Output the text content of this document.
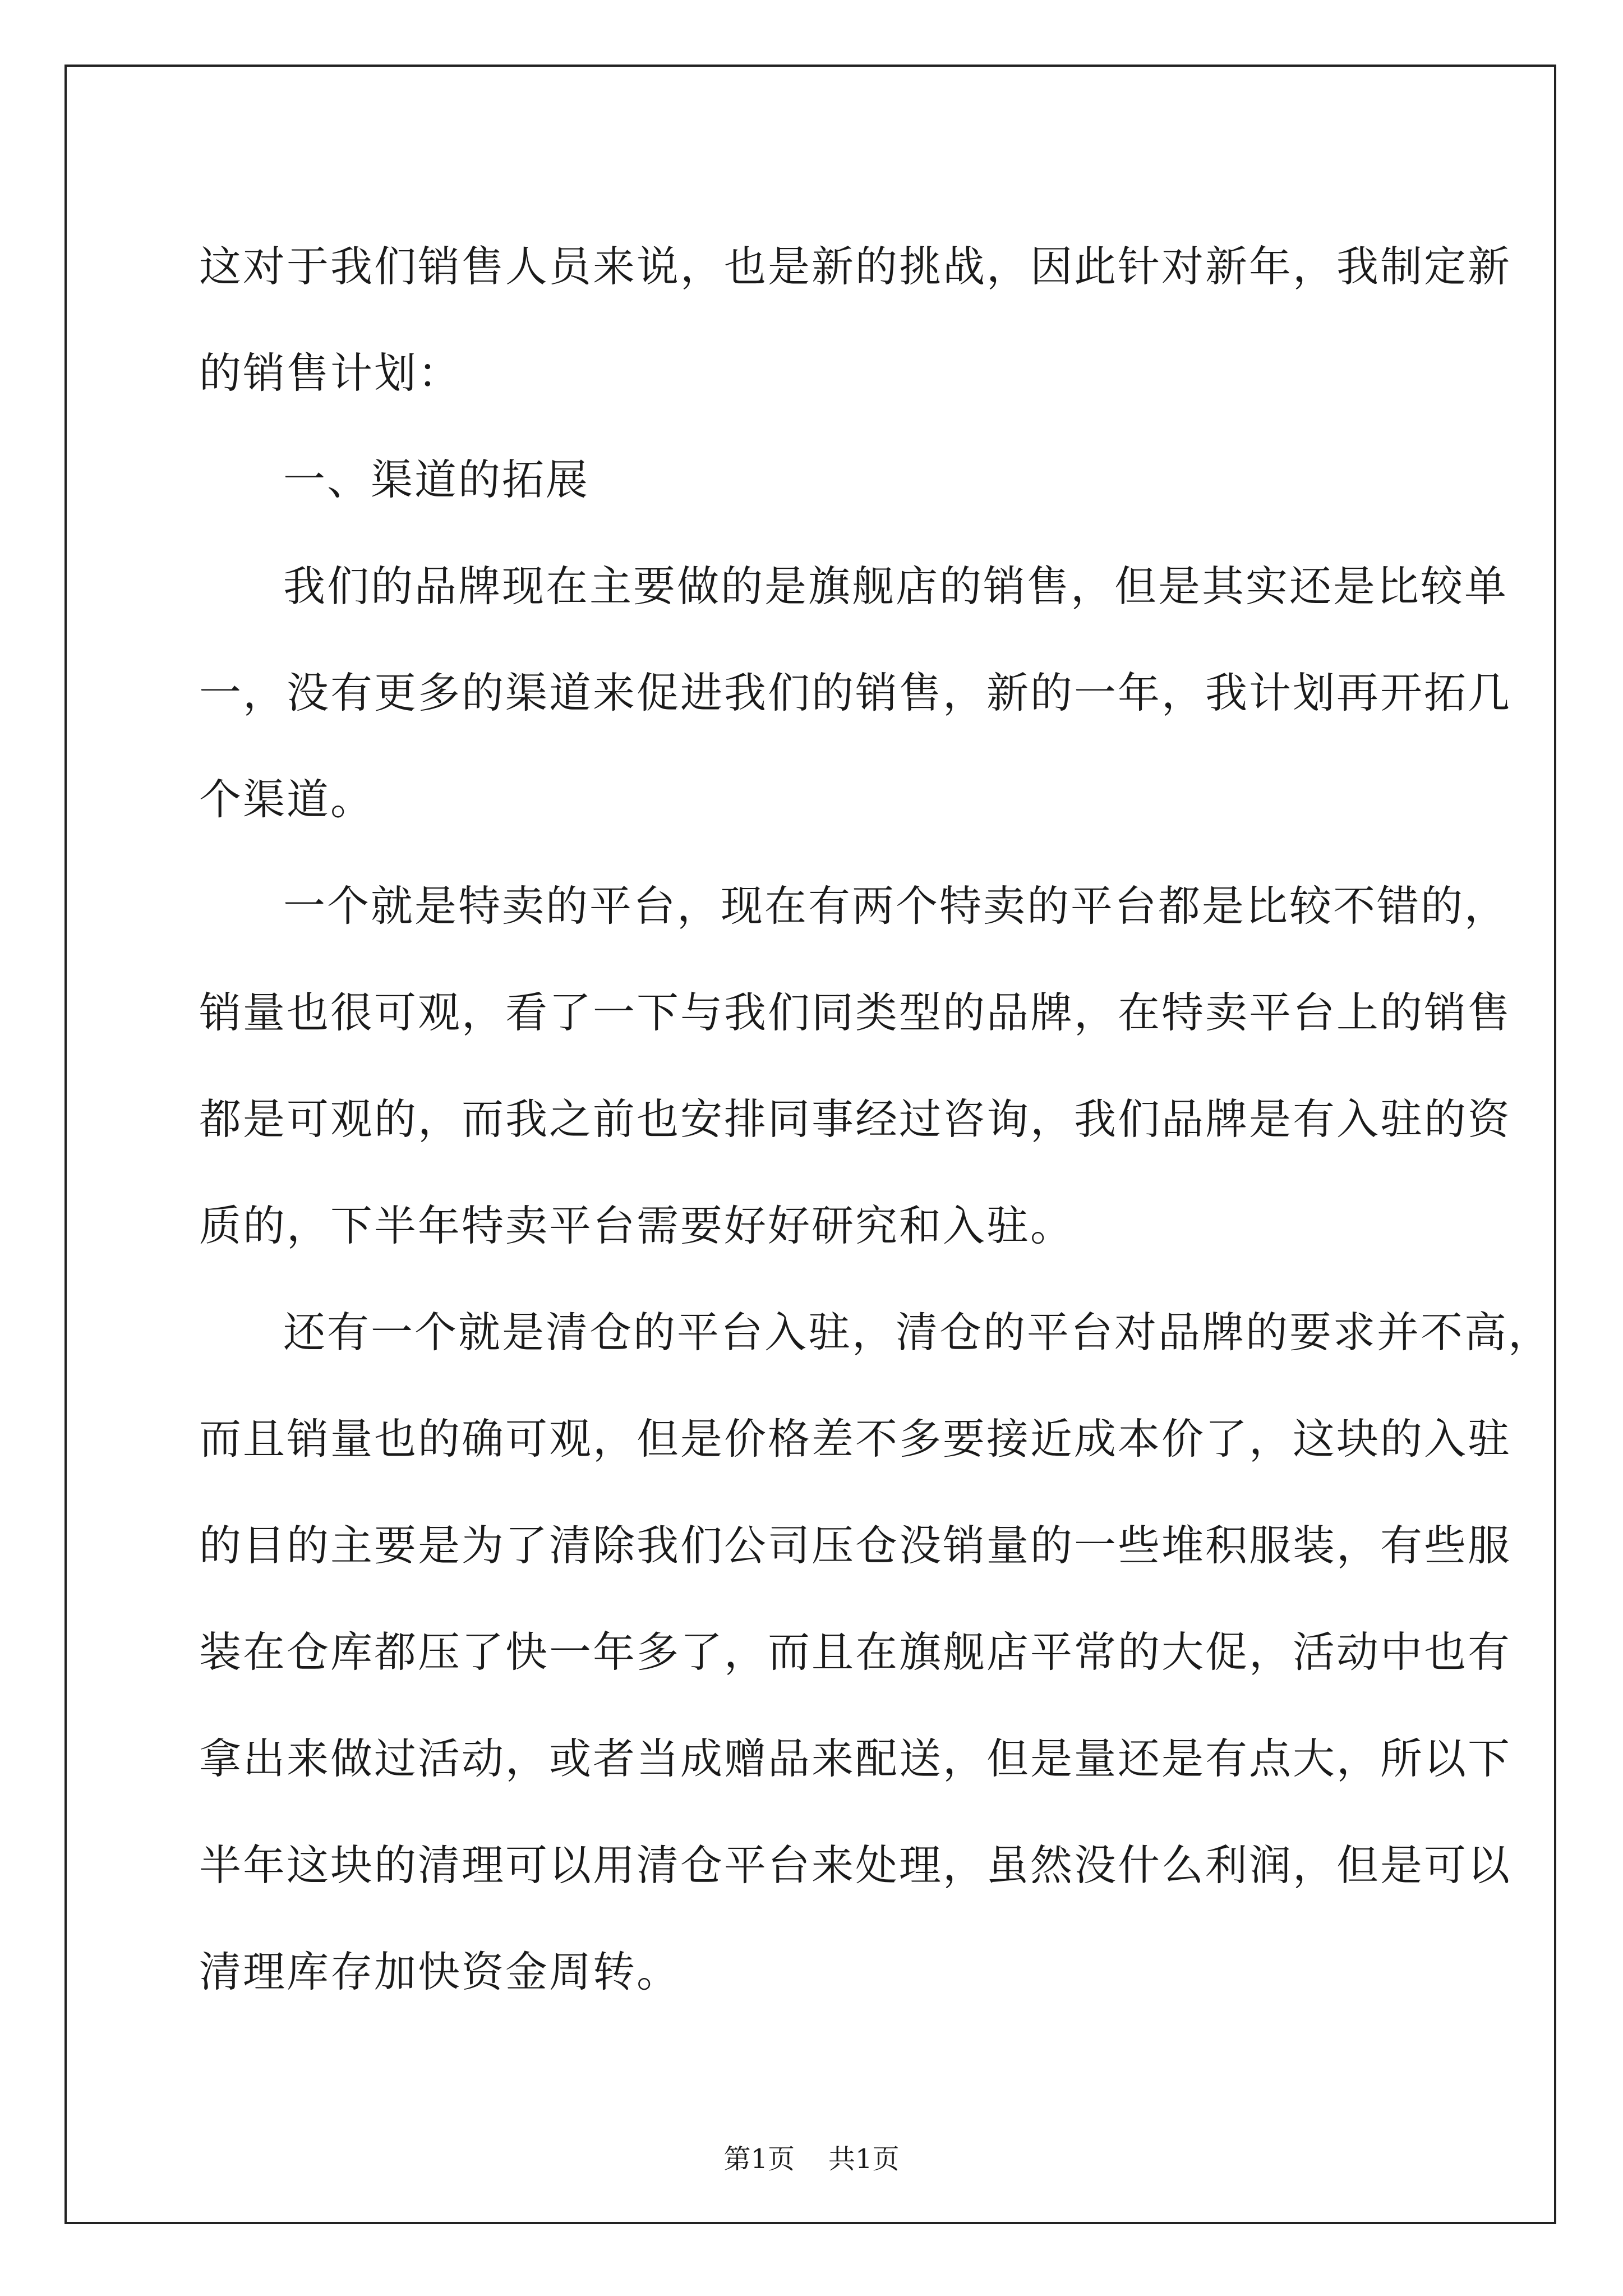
这对于我们销售人员来说，也是新的挑战，因此针对新年，我制定新
的销售计划：

一、渠道的拓展

我们的品牌现在主要做的是旗舰店的销售，但是其实还是比较单
一，没有更多的渠道来促进我们的销售，新的一年，我计划再开拓几
个渠道。

一个就是特卖的平台，现在有两个特卖的平台都是比较不错的，
销量也很可观，看了一下与我们同类型的品牌，在特卖平台上的销售
都是可观的，而我之前也安排同事经过咨询，我们品牌是有入驻的资
质的，下半年特卖平台需要好好研究和入驻。

还有一个就是清仓的平台入驻，清仓的平台对品牌的要求并不高，
而且销量也的确可观，但是价格差不多要接近成本价了，这块的入驻
的目的主要是为了清除我们公司压仓没销量的一些堆积服装，有些服
装在仓库都压了快一年多了，而且在旗舰店平常的大促，活动中也有
拿出来做过活动，或者当成赠品来配送，但是量还是有点大，所以下
半年这块的清理可以用清仓平台来处理，虽然没什么利润，但是可以
清理库存加快资金周转。

第1页 共1页
